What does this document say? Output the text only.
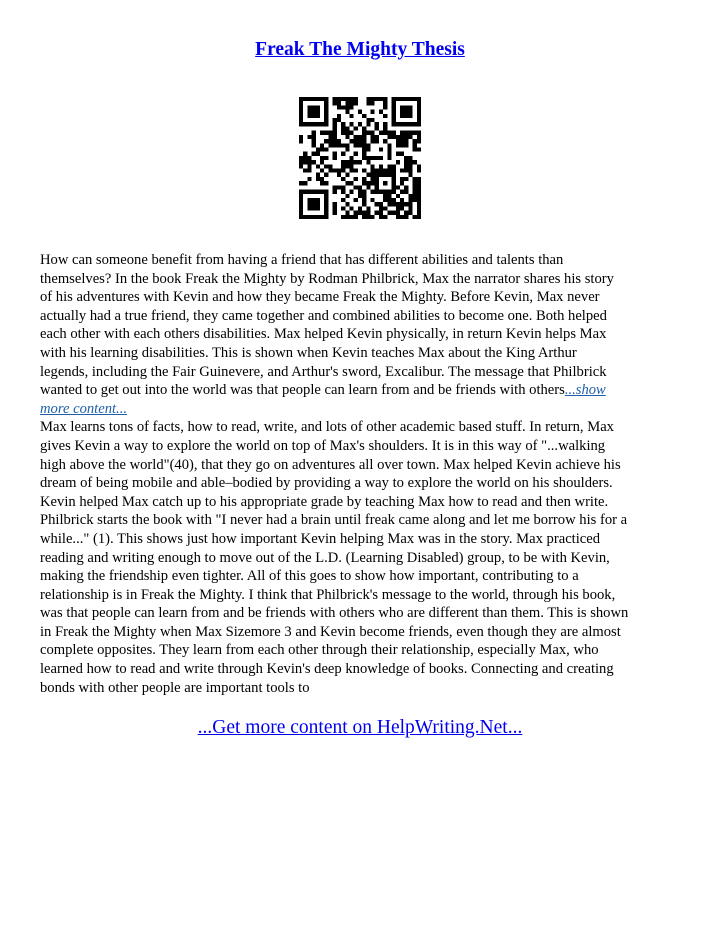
Freak The Mighty Thesis
How can someone benefit from having a friend that has different abilities and talents than
themselves? In the book Freak the Mighty by Rodman Philbrick, Max the narrator shares his story
of his adventures with Kevin and how they became Freak the Mighty. Before Kevin, Max never
actually had a true friend, they came together and combined abilities to become one. Both helped
each other with each others disabilities. Max helped Kevin physically, in return Kevin helps Max
with his learning disabilities. This is shown when Kevin teaches Max about the King Arthur
legends, including the Fair Guinevere, and Arthur's sword, Excalibur. The message that Philbrick
wanted to get out into the world was that people can learn from and be friends with others...show
more content...
Max learns tons of facts, how to read, write, and lots of other academic based stuff. In return, Max
gives Kevin a way to explore the world on top of Max's shoulders. It is in this way of "...walking
high above the world"(40), that they go on adventures all over town. Max helped Kevin achieve his
dream of being mobile and able–bodied by providing a way to explore the world on his shoulders.
Kevin helped Max catch up to his appropriate grade by teaching Max how to read and then write.
Philbrick starts the book with "I never had a brain until freak came along and let me borrow his for a
while..." (1). This shows just how important Kevin helping Max was in the story. Max practiced
reading and writing enough to move out of the L.D. (Learning Disabled) group, to be with Kevin,
making the friendship even tighter. All of this goes to show how important, contributing to a
relationship is in Freak the Mighty. I think that Philbrick's message to the world, through his book,
was that people can learn from and be friends with others who are different than them. This is shown
in Freak the Mighty when Max Sizemore 3 and Kevin become friends, even though they are almost
complete opposites. They learn from each other through their relationship, especially Max, who
learned how to read and write through Kevin's deep knowledge of books. Connecting and creating
bonds with other people are important tools to
...Get more content on HelpWriting.Net...
